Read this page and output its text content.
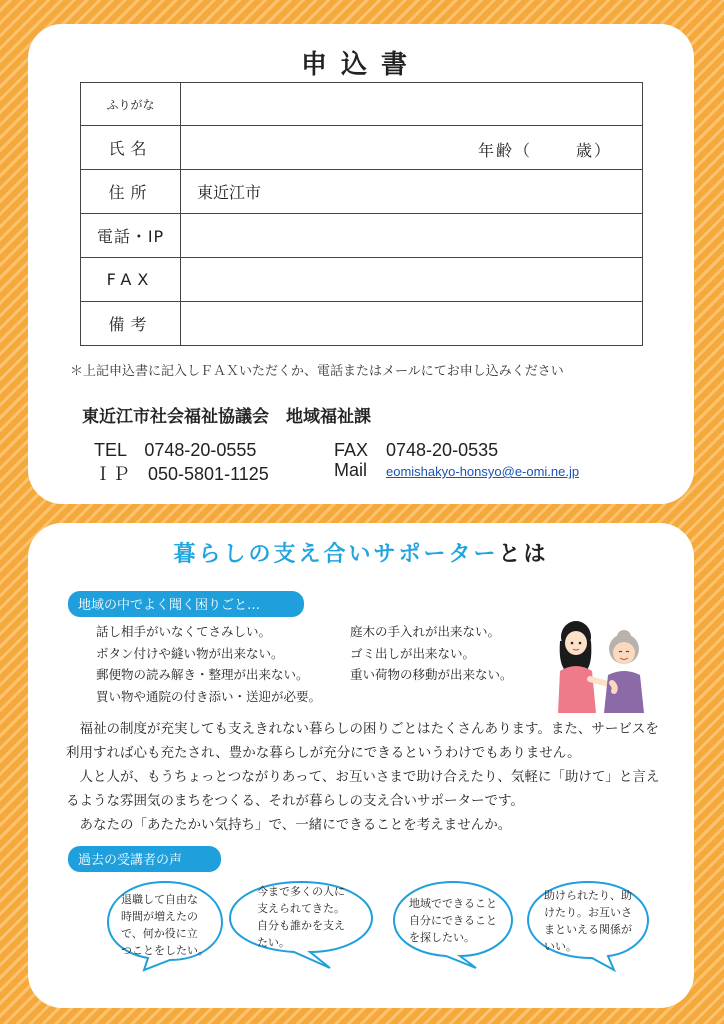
申込書
ふりがな	
氏名	年齢（ 歳）

住所	東近江市
電話・IP	
FAX	
備考	
＊上記申込書に記入しＦＡＸいただくか、電話またはメールにてお申し込みください
東近江市社会福祉協議会　地域福祉課
TEL　0748-20-0555
ＩＰ　050-5801-1125
FAX　0748-20-0535
Mail eomishakyo-honsyo@e-omi.ne.jp
暮らしの支え合いサポーターとは
地域の中でよく聞く困りごと…
話し相手がいなくてさみしい。
ボタン付けや縫い物が出来ない。
郵便物の読み解き・整理が出来ない。
買い物や通院の付き添い・送迎が必要。
庭木の手入れが出来ない。
ゴミ出しが出来ない。
重い荷物の移動が出来ない。

　福祉の制度が充実しても支えきれない暮らしの困りごとはたくさんあります。また、サービスを利用すれば心も充たされ、豊かな暮らしが充分にできるというわけでもありません。

　人と人が、もうちょっとつながりあって、お互いさまで助け合えたり、気軽に「助けて」と言えるような雰囲気のまちをつくる、それが暮らしの支え合いサポーターです。

　あなたの「あたたかい気持ち」で、一緒にできることを考えませんか。

過去の受講者の声
退職して自由な
時間が増えたの
で、何か役に立
つことをしたい。
今まで多くの人に
支えられてきた。
自分も誰かを支え
たい。
地域でできること
自分にできること
を探したい。
助けられたり、助
けたり。お互いさ
まといえる関係が
いい。
